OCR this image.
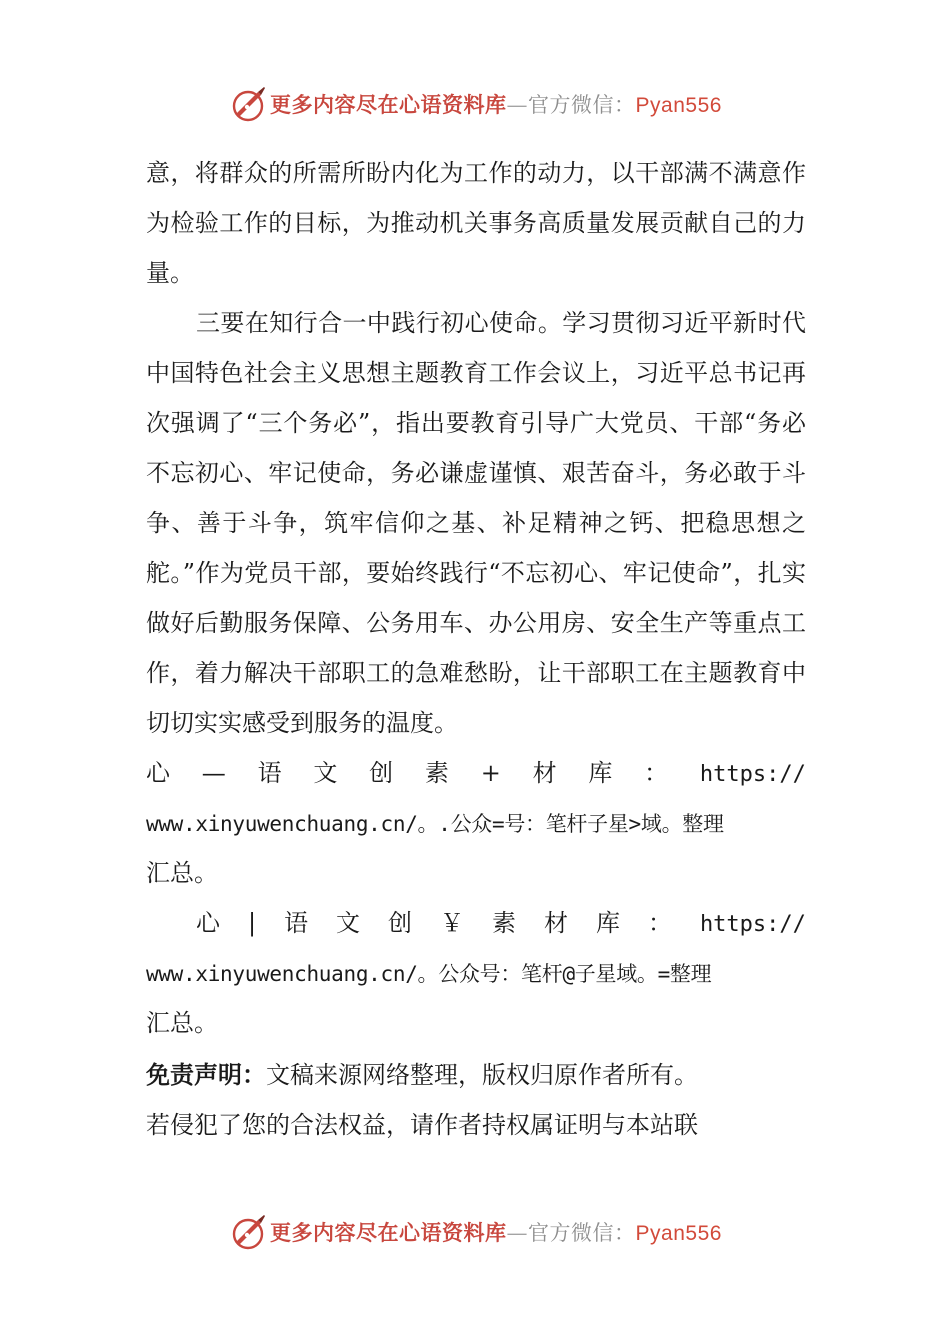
更多内容尽在心语资料库—官方微信：Pyan556

意，将群众的所需所盼内化为工作的动力，以干部满不满意作为检验工作的目标，为推动机关事务高质量发展贡献自己的力量。

三要在知行合一中践行初心使命。学习贯彻习近平新时代中国特色社会主义思想主题教育工作会议上，习近平总书记再次强调了“三个务必”，指出要教育引导广大党员、干部“务必不忘初心、牢记使命，务必谦虚谨慎、艰苦奋斗，务必敢于斗争、善于斗争，筑牢信仰之基、补足精神之钙、把稳思想之舵。”作为党员干部，要始终践行“不忘初心、牢记使命”，扎实做好后勤服务保障、公务用车、办公用房、安全生产等重点工作，着力解决干部职工的急难愁盼，让干部职工在主题教育中切切实实感受到服务的温度。

心 — 语 文 创 素 + 材 库 ： https://
www.xinyuwenchuang.cn/。.公众=号：笔杆子星>域。整理
汇总。
心 | 语 文 创 ￥ 素 材 库 ： https://
www.xinyuwenchuang.cn/。公众号：笔杆@子星域。=整理
汇总。

免责声明：文稿来源网络整理，版权归原作者所有。

若侵犯了您的合法权益，请作者持权属证明与本站联

更多内容尽在心语资料库—官方微信：Pyan556
